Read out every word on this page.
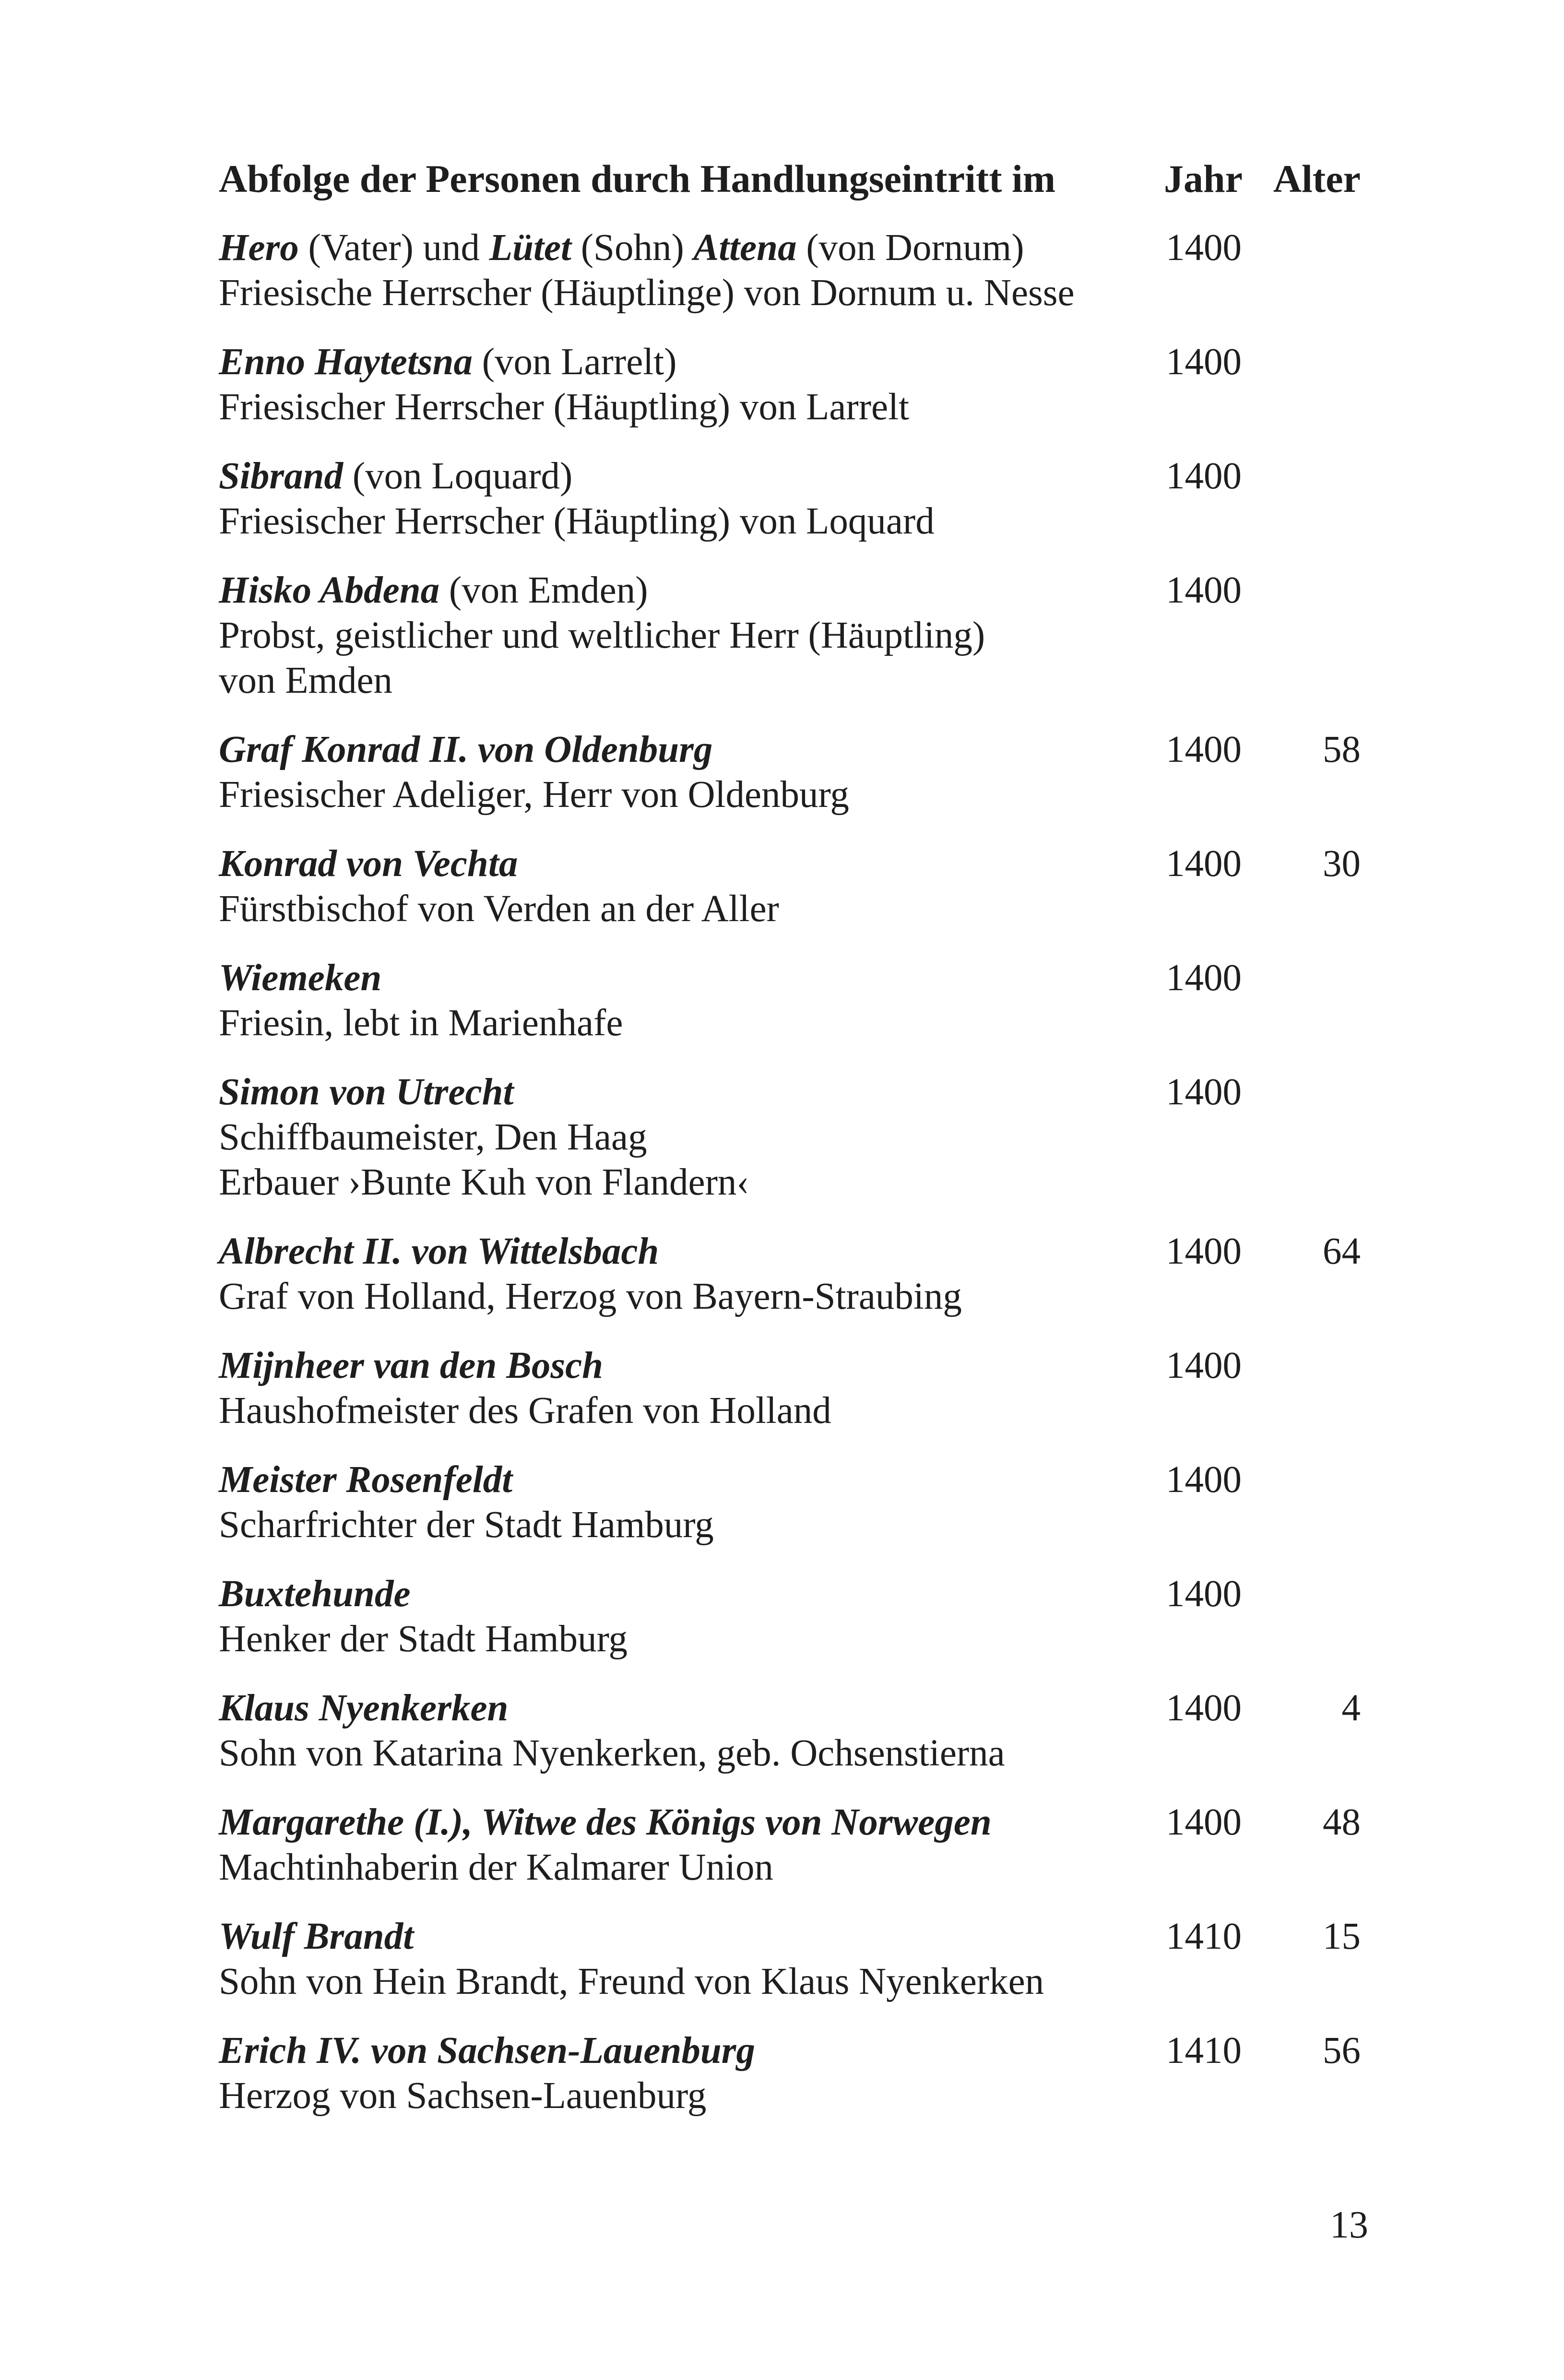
Abfolge der Personen durch Handlungseintritt im	Jahr Alter
Hero (Vater) und Lütet (Sohn) Attena (von Dornum)	1400
Friesische Herrscher (Häuptlinge) von Dornum u. Nesse
Enno Haytetsna (von Larrelt)	1400
Friesischer Herrscher (Häuptling) von Larrelt
Sibrand (von Loquard)	1400
Friesischer Herrscher (Häuptling) von Loquard
Hisko Abdena (von Emden)	1400
Probst, geistlicher und weltlicher Herr (Häuptling)
von Emden
Graf Konrad II. von Oldenburg	1400 58
Friesischer Adeliger, Herr von Oldenburg
Konrad von Vechta	1400 30
Fürstbischof von Verden an der Aller
Wiemeken	1400
Friesin, lebt in Marienhafe
Simon von Utrecht	1400
Schiffbaumeister, Den Haag
Erbauer ›Bunte Kuh von Flandern‹
Albrecht II. von Wittelsbach	1400 64
Graf von Holland, Herzog von Bayern-Straubing
Mijnheer van den Bosch	1400
Haushofmeister des Grafen von Holland
Meister Rosenfeldt	1400
Scharfrichter der Stadt Hamburg
Buxtehunde	1400
Henker der Stadt Hamburg
Klaus Nyenkerken	1400	4
Sohn von Katarina Nyenkerken, geb. Ochsenstierna
Margarethe (I.), Witwe des Königs von Norwegen	1400 48
Machtinhaberin der Kalmarer Union
Wulf Brandt	1410 15
Sohn von Hein Brandt, Freund von Klaus Nyenkerken
Erich IV. von Sachsen-Lauenburg	1410 56
Herzog von Sachsen-Lauenburg
13
